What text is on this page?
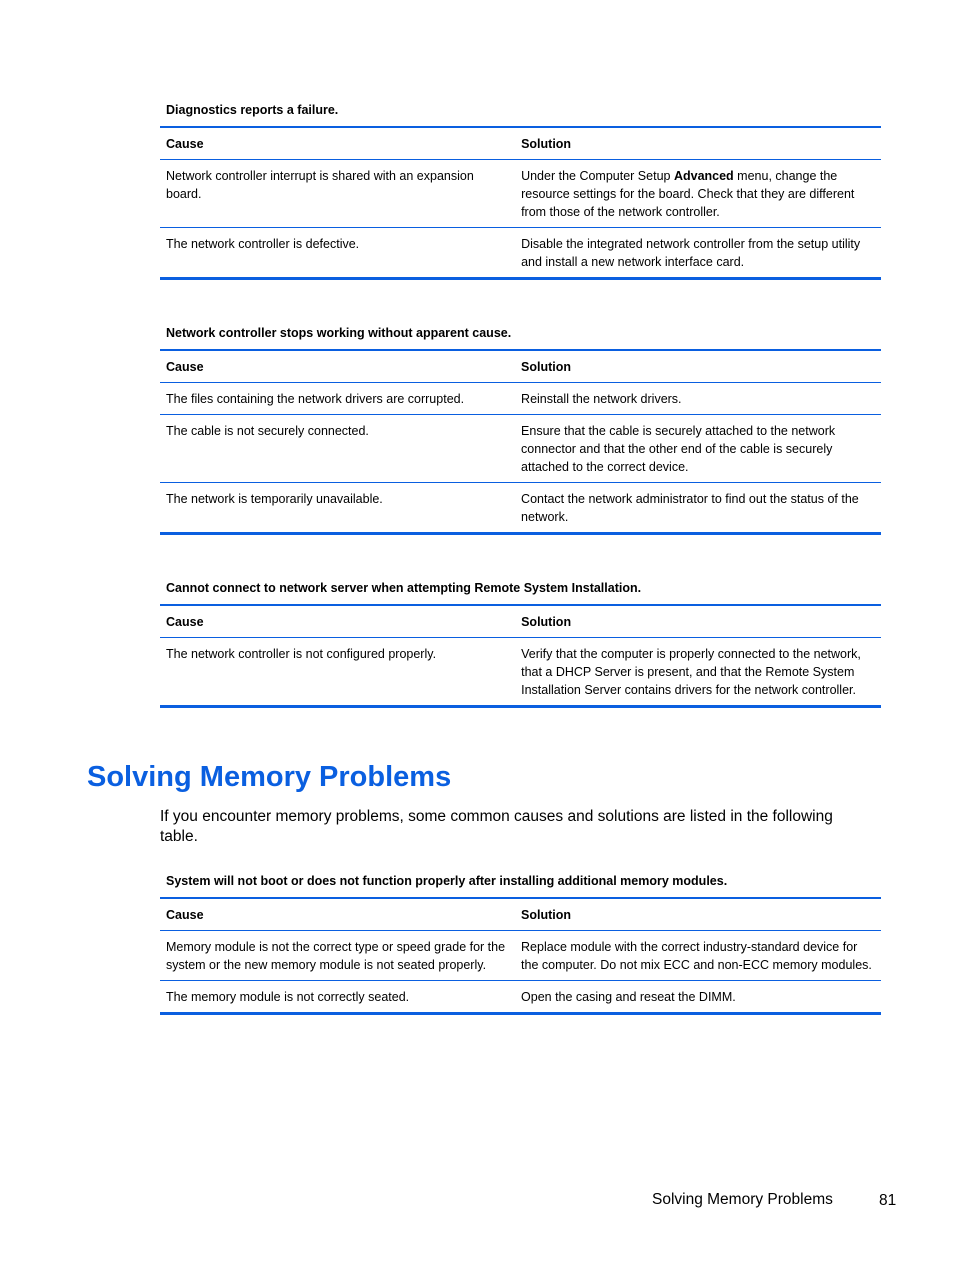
Diagnostics reports a failure.

Cause	Solution
Network controller interrupt is shared with an expansion board.	Under the Computer Setup Advanced menu, change the resource settings for the board. Check that they are different from those of the network controller.
The network controller is defective.	Disable the integrated network controller from the setup utility and install a new network interface card.

Network controller stops working without apparent cause.

Cause	Solution
The files containing the network drivers are corrupted.	Reinstall the network drivers.
The cable is not securely connected.	Ensure that the cable is securely attached to the network connector and that the other end of the cable is securely attached to the correct device.
The network is temporarily unavailable.	Contact the network administrator to find out the status of the network.

Cannot connect to network server when attempting Remote System Installation.

Cause	Solution
The network controller is not configured properly.	Verify that the computer is properly connected to the network, that a DHCP Server is present, and that the Remote System Installation Server contains drivers for the network controller.
Solving Memory Problems

If you encounter memory problems, some common causes and solutions are listed in the following table.

System will not boot or does not function properly after installing additional memory modules.

Cause	Solution
Memory module is not the correct type or speed grade for the system or the new memory module is not seated properly.	Replace module with the correct industry-standard device for the computer. Do not mix ECC and non-ECC memory modules.
The memory module is not correctly seated.	Open the casing and reseat the DIMM.
Solving Memory Problems	81
